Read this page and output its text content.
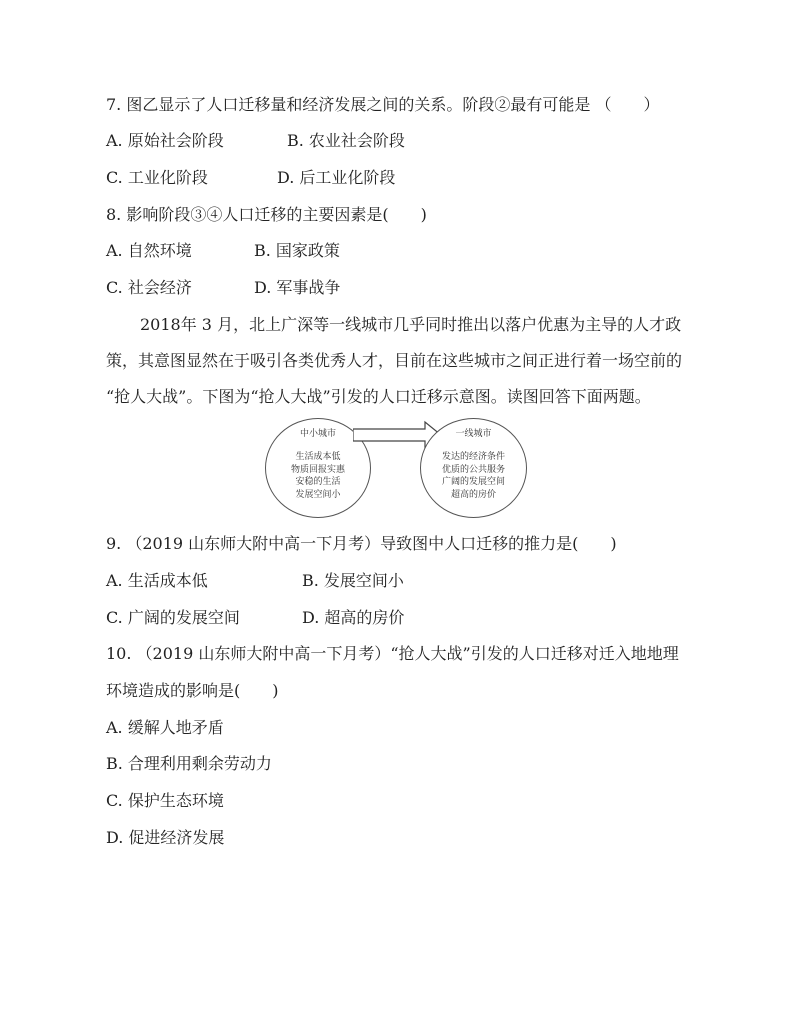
7. 图乙显示了人口迁移量和经济发展之间的关系。阶段②最有可能是 （　　）
A. 原始社会阶段	B. 农业社会阶段
C. 工业化阶段	D. 后工业化阶段
8. 影响阶段③④人口迁移的主要因素是(　　)
A. 自然环境	B. 国家政策
C. 社会经济	D. 军事战争
2018年 3 月，北上广深等一线城市几乎同时推出以落户优惠为主导的人才政
策，其意图显然在于吸引各类优秀人才，目前在这些城市之间正进行着一场空前的
“抢人大战”。下图为“抢人大战”引发的人口迁移示意图。读图回答下面两题。
中小城市
生活成本低
物质回报实惠
安稳的生活
发展空间小
一线城市
发达的经济条件
优质的公共服务
广阔的发展空间
超高的房价
9. （2019 山东师大附中高一下月考）导致图中人口迁移的推力是(　　)
A. 生活成本低	B. 发展空间小
C. 广阔的发展空间	D. 超高的房价
10. （2019 山东师大附中高一下月考）“抢人大战”引发的人口迁移对迁入地地理
环境造成的影响是(　　)
A. 缓解人地矛盾
B. 合理利用剩余劳动力
C. 保护生态环境
D. 促进经济发展
